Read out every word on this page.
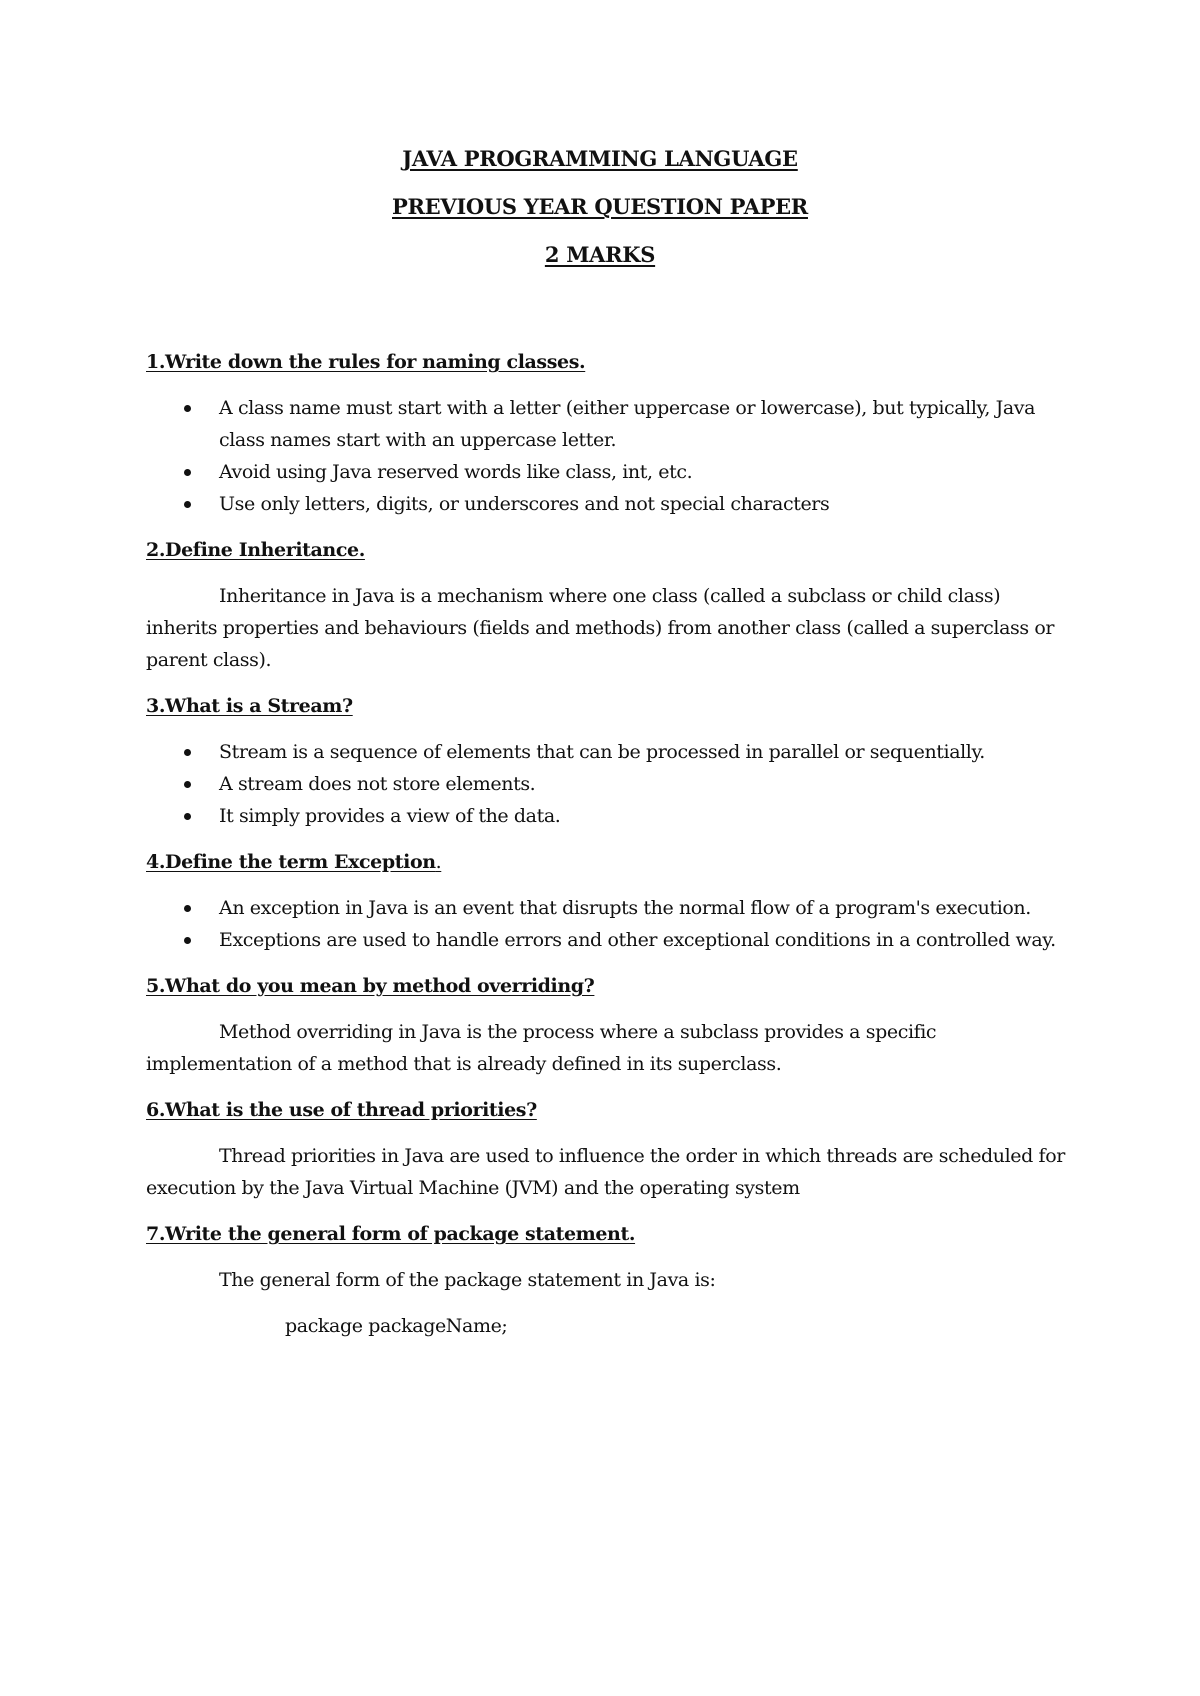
JAVA PROGRAMMING LANGUAGE
PREVIOUS YEAR QUESTION PAPER
2 MARKS
1.Write down the rules for naming classes.
A class name must start with a letter (either uppercase or lowercase), but typically, Java class names start with an uppercase letter.
Avoid using Java reserved words like class, int, etc.
Use only letters, digits, or underscores and not special characters
2.Define Inheritance.

Inheritance in Java is a mechanism where one class (called a subclass or child class) inherits properties and behaviours (fields and methods) from another class (called a superclass or parent class).

3.What is a Stream?
Stream is a sequence of elements that can be processed in parallel or sequentially.
A stream does not store elements.
It simply provides a view of the data.
4.Define the term Exception.
An exception in Java is an event that disrupts the normal flow of a program's execution.
Exceptions are used to handle errors and other exceptional conditions in a controlled way.
5.What do you mean by method overriding?

Method overriding in Java is the process where a subclass provides a specific implementation of a method that is already defined in its superclass.

6.What is the use of thread priorities?

Thread priorities in Java are used to influence the order in which threads are scheduled for execution by the Java Virtual Machine (JVM) and the operating system

7.Write the general form of package statement.

The general form of the package statement in Java is:

package packageName;
